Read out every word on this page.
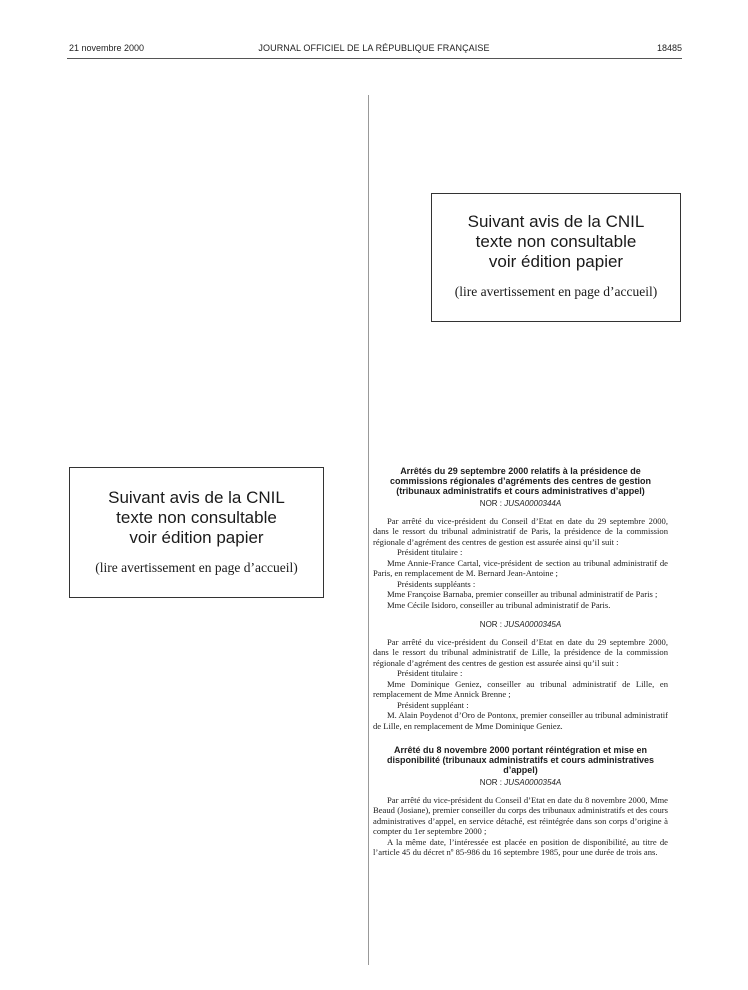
21 novembre 2000	JOURNAL OFFICIEL DE LA RÉPUBLIQUE FRANÇAISE	18485
Suivant avis de la CNIL
texte non consultable
voir édition papier
(lire avertissement en page d’accueil)
Suivant avis de la CNIL
texte non consultable
voir édition papier
(lire avertissement en page d’accueil)
Arrêtés du 29 septembre 2000 relatifs à la présidence de commissions régionales d’agréments des centres de gestion (tribunaux administratifs et cours administratives d’appel)
NOR : JUSA0000344A

Par arrêté du vice-président du Conseil d’Etat en date du 29 septembre 2000, dans le ressort du tribunal administratif de Paris, la présidence de la commission régionale d’agrément des centres de gestion est assurée ainsi qu’il suit :

Président titulaire :

Mme Annie-France Cartal, vice-président de section au tribunal administratif de Paris, en remplacement de M. Bernard Jean-Antoine ;

Présidents suppléants :

Mme Françoise Barnaba, premier conseiller au tribunal administratif de Paris ;

Mme Cécile Isidoro, conseiller au tribunal administratif de Paris.

NOR : JUSA0000345A

Par arrêté du vice-président du Conseil d’Etat en date du 29 septembre 2000, dans le ressort du tribunal administratif de Lille, la présidence de la commission régionale d’agrément des centres de gestion est assurée ainsi qu’il suit :

Président titulaire :

Mme Dominique Geniez, conseiller au tribunal administratif de Lille, en remplacement de Mme Annick Brenne ;

Président suppléant :

M. Alain Poydenot d’Oro de Pontonx, premier conseiller au tribunal administratif de Lille, en remplacement de Mme Dominique Geniez.

Arrêté du 8 novembre 2000 portant réintégration et mise en disponibilité (tribunaux administratifs et cours administratives d’appel)
NOR : JUSA0000354A

Par arrêté du vice-président du Conseil d’Etat en date du 8 novembre 2000, Mme Beaud (Josiane), premier conseiller du corps des tribunaux administratifs et des cours administratives d’appel, en service détaché, est réintégrée dans son corps d’origine à compter du 1er septembre 2000 ;

A la même date, l’intéressée est placée en position de disponibilité, au titre de l’article 45 du décret nº 85-986 du 16 septembre 1985, pour une durée de trois ans.
